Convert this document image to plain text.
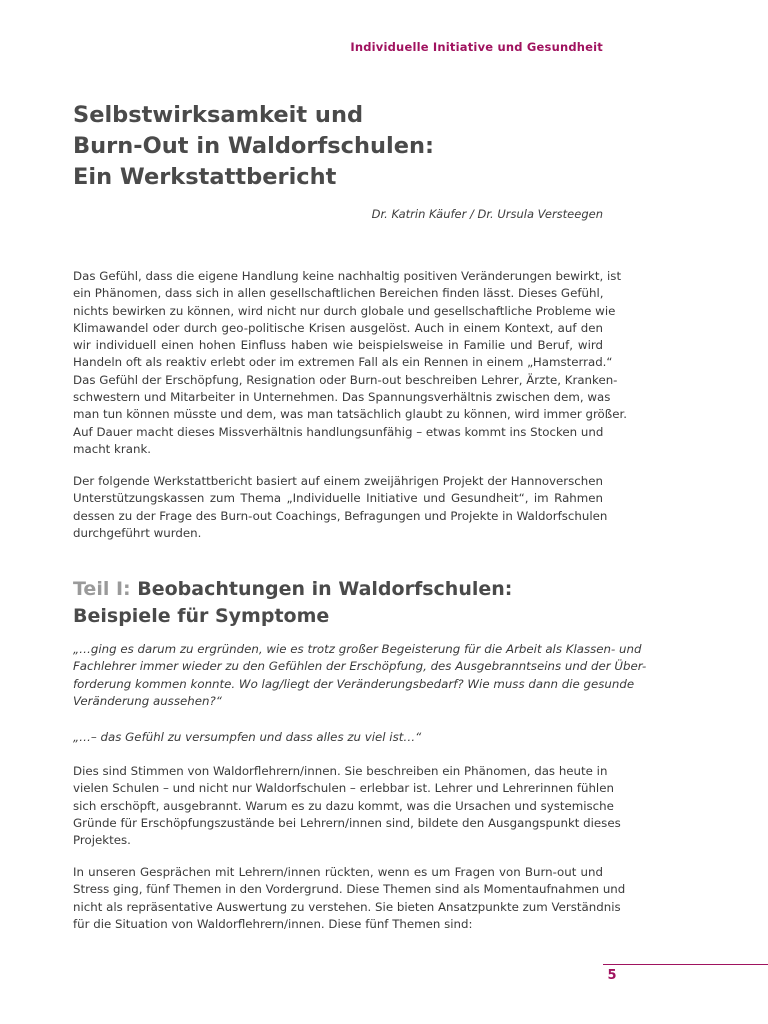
Individuelle Initiative und Gesundheit
Selbstwirksamkeit und
Burn-Out in Waldorfschulen:
Ein Werkstattbericht
Dr. Katrin Käufer / Dr. Ursula Versteegen

Das Gefühl, dass die eigene Handlung keine nachhaltig positiven Veränderungen bewirkt, ist
ein Phänomen, dass sich in allen gesellschaftlichen Bereichen finden lässt. Dieses Gefühl,
nichts bewirken zu können, wird nicht nur durch globale und gesellschaftliche Probleme wie
Klimawandel oder durch geo-politische Krisen ausgelöst. Auch in einem Kontext, auf den
wir individuell einen hohen Einfluss haben wie beispielsweise in Familie und Beruf, wird
Handeln oft als reaktiv erlebt oder im extremen Fall als ein Rennen in einem „Hamsterrad.“
Das Gefühl der Erschöpfung, Resignation oder Burn-out beschreiben Lehrer, Ärzte, Kranken-
schwestern und Mitarbeiter in Unternehmen. Das Spannungsverhältnis zwischen dem, was
man tun können müsste und dem, was man tatsächlich glaubt zu können, wird immer größer.
Auf Dauer macht dieses Missverhältnis handlungsunfähig – etwas kommt ins Stocken und
macht krank.

Der folgende Werkstattbericht basiert auf einem zweijährigen Projekt der Hannoverschen
Unterstützungskassen zum Thema „Individuelle Initiative und Gesundheit“, im Rahmen
dessen zu der Frage des Burn-out Coachings, Befragungen und Projekte in Waldorfschulen
durchgeführt wurden.

Teil I: Beobachtungen in Waldorfschulen:
Beispiele für Symptome

„…ging es darum zu ergründen, wie es trotz großer Begeisterung für die Arbeit als Klassen- und
Fachlehrer immer wieder zu den Gefühlen der Erschöpfung, des Ausgebranntseins und der Über-
forderung kommen konnte. Wo lag/liegt der Veränderungsbedarf? Wie muss dann die gesunde
Veränderung aussehen?“

„…– das Gefühl zu versumpfen und dass alles zu viel ist…“

Dies sind Stimmen von Waldorflehrern/innen. Sie beschreiben ein Phänomen, das heute in
vielen Schulen – und nicht nur Waldorfschulen – erlebbar ist. Lehrer und Lehrerinnen fühlen
sich erschöpft, ausgebrannt. Warum es zu dazu kommt, was die Ursachen und systemische
Gründe für Erschöpfungszustände bei Lehrern/innen sind, bildete den Ausgangspunkt dieses
Projektes.

In unseren Gesprächen mit Lehrern/innen rückten, wenn es um Fragen von Burn-out und
Stress ging, fünf Themen in den Vordergrund. Diese Themen sind als Momentaufnahmen und
nicht als repräsentative Auswertung zu verstehen. Sie bieten Ansatzpunkte zum Verständnis
für die Situation von Waldorflehrern/innen. Diese fünf Themen sind:

5
